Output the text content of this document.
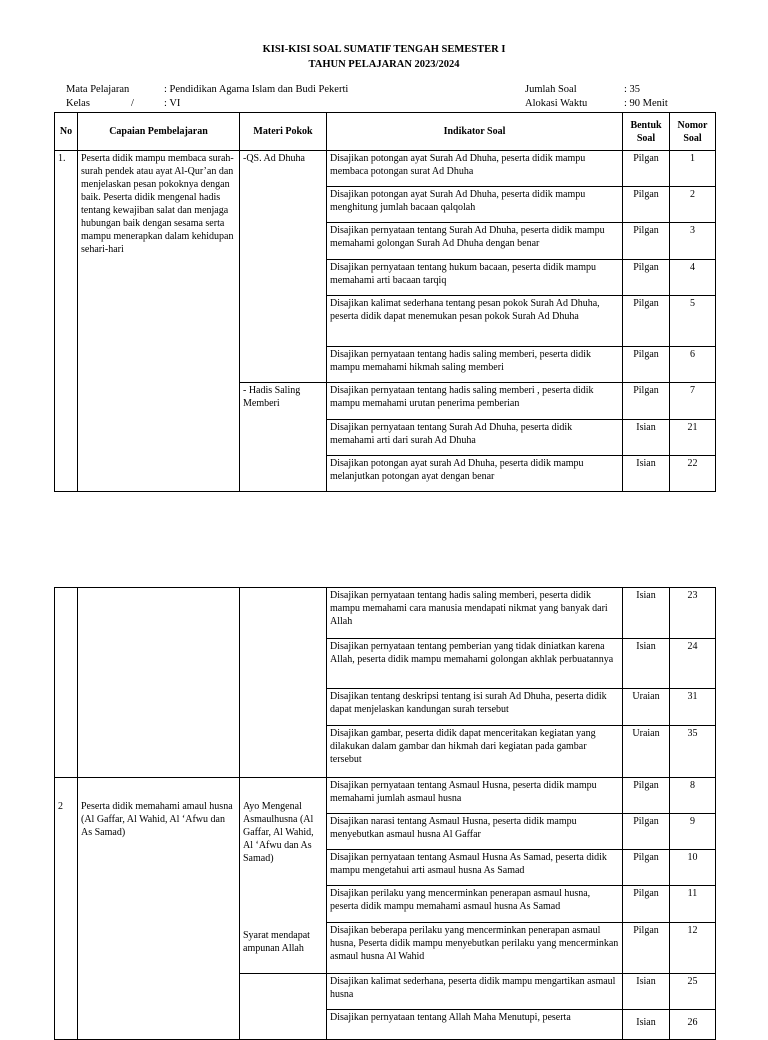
KISI-KISI SOAL SUMATIF TENGAH SEMESTER I
TAHUN PELAJARAN 2023/2024
Mata Pelajaran	: Pendidikan Agama Islam dan Budi Pekerti
Kelas	/	: VI
Jumlah Soal	: 35
Alokasi Waktu	: 90 Menit
No	Capaian Pembelajaran	Materi Pokok	Indikator Soal	Bentuk Soal	Nomor Soal
1.	Peserta didik mampu membaca surah-surah pendek atau ayat Al-Qur’an dan menjelaskan pesan pokoknya dengan baik. Peserta didik mengenal hadis tentang kewajiban salat dan menjaga hubungan baik dengan sesama serta mampu menerapkan dalam kehidupan sehari-hari	-QS. Ad Dhuha	Disajikan potongan ayat Surah Ad Dhuha, peserta didik mampu membaca potongan surat Ad Dhuha	Pilgan	1
			Disajikan potongan ayat Surah Ad Dhuha, peserta didik mampu menghitung jumlah bacaan qalqolah	Pilgan	2
			Disajikan pernyataan tentang Surah Ad Dhuha, peserta didik mampu memahami golongan Surah Ad Dhuha dengan benar	Pilgan	3
			Disajikan pernyataan tentang hukum bacaan, peserta didik mampu memahami arti bacaan tarqiq	Pilgan	4
			Disajikan kalimat sederhana tentang pesan pokok Surah Ad Dhuha, peserta didik dapat menemukan pesan pokok Surah Ad Dhuha	Pilgan	5
			Disajikan pernyataan tentang hadis saling memberi, peserta didik mampu memahami hikmah saling memberi	Pilgan	6
		- Hadis Saling Memberi	Disajikan pernyataan tentang hadis saling memberi , peserta didik mampu memahami urutan penerima pemberian	Pilgan	7
			Disajikan pernyataan tentang Surah Ad Dhuha, peserta didik memahami arti dari surah Ad Dhuha	Isian	21
			Disajikan potongan ayat surah Ad Dhuha, peserta didik mampu melanjutkan potongan ayat dengan benar	Isian	22
			Disajikan pernyataan tentang hadis saling memberi, peserta didik mampu memahami cara manusia mendapati nikmat yang banyak dari Allah	Isian	23
			Disajikan pernyataan tentang pemberian yang tidak diniatkan karena Allah, peserta didik mampu memahami golongan akhlak perbuatannya	Isian	24
			Disajikan tentang deskripsi tentang isi surah Ad Dhuha, peserta didik dapat menjelaskan kandungan surah tersebut	Uraian	31
			Disajikan gambar, peserta didik dapat menceritakan kegiatan yang dilakukan dalam gambar dan hikmah dari kegiatan pada gambar tersebut	Uraian	35
2	Peserta didik memahami amaul husna (Al Gaffar, Al Wahid, Al ‘Afwu dan As Samad)	Ayo Mengenal Asmaulhusna (Al Gaffar, Al Wahid, Al ‘Afwu dan As Samad)	Disajikan pernyataan tentang Asmaul Husna, peserta didik mampu memahami jumlah asmaul husna	Pilgan	8
			Disajikan narasi tentang Asmaul Husna, peserta didik mampu menyebutkan asmaul husna Al Gaffar	Pilgan	9
			Disajikan pernyataan tentang Asmaul Husna As Samad, peserta didik mampu mengetahui arti asmaul husna As Samad	Pilgan	10
			Disajikan perilaku yang mencerminkan penerapan asmaul husna, peserta didik mampu memahami asmaul husna As Samad	Pilgan	11
			Disajikan beberapa perilaku yang mencerminkan penerapan asmaul husna, Peserta didik mampu menyebutkan perilaku yang mencerminkan asmaul husna Al Wahid	Pilgan	12

		Syarat mendapat ampunan Allah	Disajikan kalimat sederhana, peserta didik mampu mengartikan asmaul husna	Isian	25
			Disajikan pernyataan tentang Allah Maha Menutupi, peserta	Isian	26
